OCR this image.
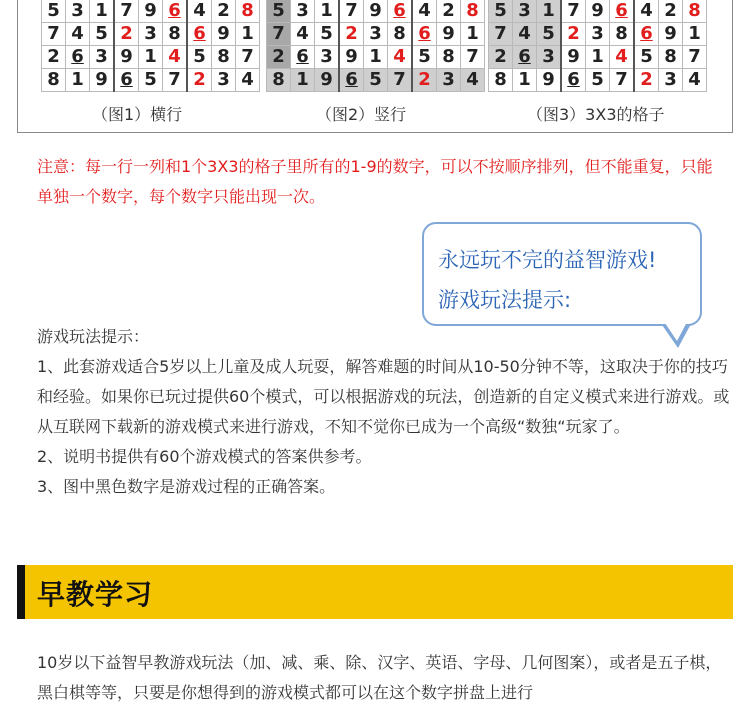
5	3	1	7	9	6	4	2	8
7	4	5	2	3	8	6	9	1
2	6	3	9	1	4	5	8	7
8	1	9	6	5	7	2	3	4
（图1）横行
5	3	1	7	9	6	4	2	8
7	4	5	2	3	8	6	9	1
2	6	3	9	1	4	5	8	7
8	1	9	6	5	7	2	3	4
（图2）竖行
5	3	1	7	9	6	4	2	8
7	4	5	2	3	8	6	9	1
2	6	3	9	1	4	5	8	7
8	1	9	6	5	7	2	3	4
（图3）3X3的格子
注意：每一行一列和1个3X3的格子里所有的1-9的数字，可以不按顺序排列，但不能重复，只能单独一个数字，每个数字只能出现一次。
永远玩不完的益智游戏!
游戏玩法提示:
游戏玩法提示：
1、此套游戏适合5岁以上儿童及成人玩耍，解答难题的时间从10-50分钟不等，这取决于你的技巧和经验。如果你已玩过提供60个模式，可以根据游戏的玩法，创造新的自定义模式来进行游戏。或从互联网下载新的游戏模式来进行游戏，不知不觉你已成为一个高级“数独“玩家了。
2、说明书提供有60个游戏模式的答案供参考。
3、图中黑色数字是游戏过程的正确答案。
早教学习
10岁以下益智早教游戏玩法（加、减、乘、除、汉字、英语、字母、几何图案），或者是五子棋，黑白棋等等，只要是你想得到的游戏模式都可以在这个数字拼盘上进行
